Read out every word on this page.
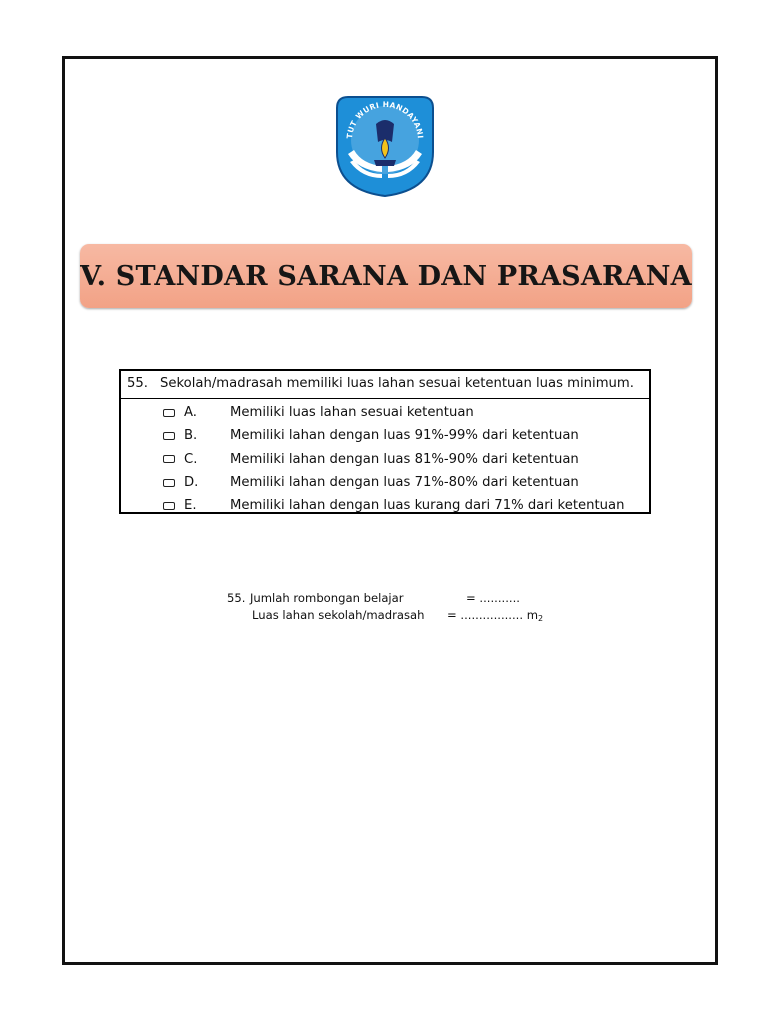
TUT WURI HANDAYANI
V. STANDAR SARANA DAN PRASARANA
55. Sekolah/madrasah memiliki luas lahan sesuai ketentuan luas minimum.
A.	Memiliki luas lahan sesuai ketentuan
B.	Memiliki lahan dengan luas 91%-99% dari ketentuan
C.	Memiliki lahan dengan luas 81%-90% dari ketentuan
D.	Memiliki lahan dengan luas 71%-80% dari ketentuan
E.	Memiliki lahan dengan luas kurang dari 71% dari ketentuan
55. Jumlah rombongan belajar	= ...........
Luas lahan sekolah/madrasah	= ................. $m_2$
